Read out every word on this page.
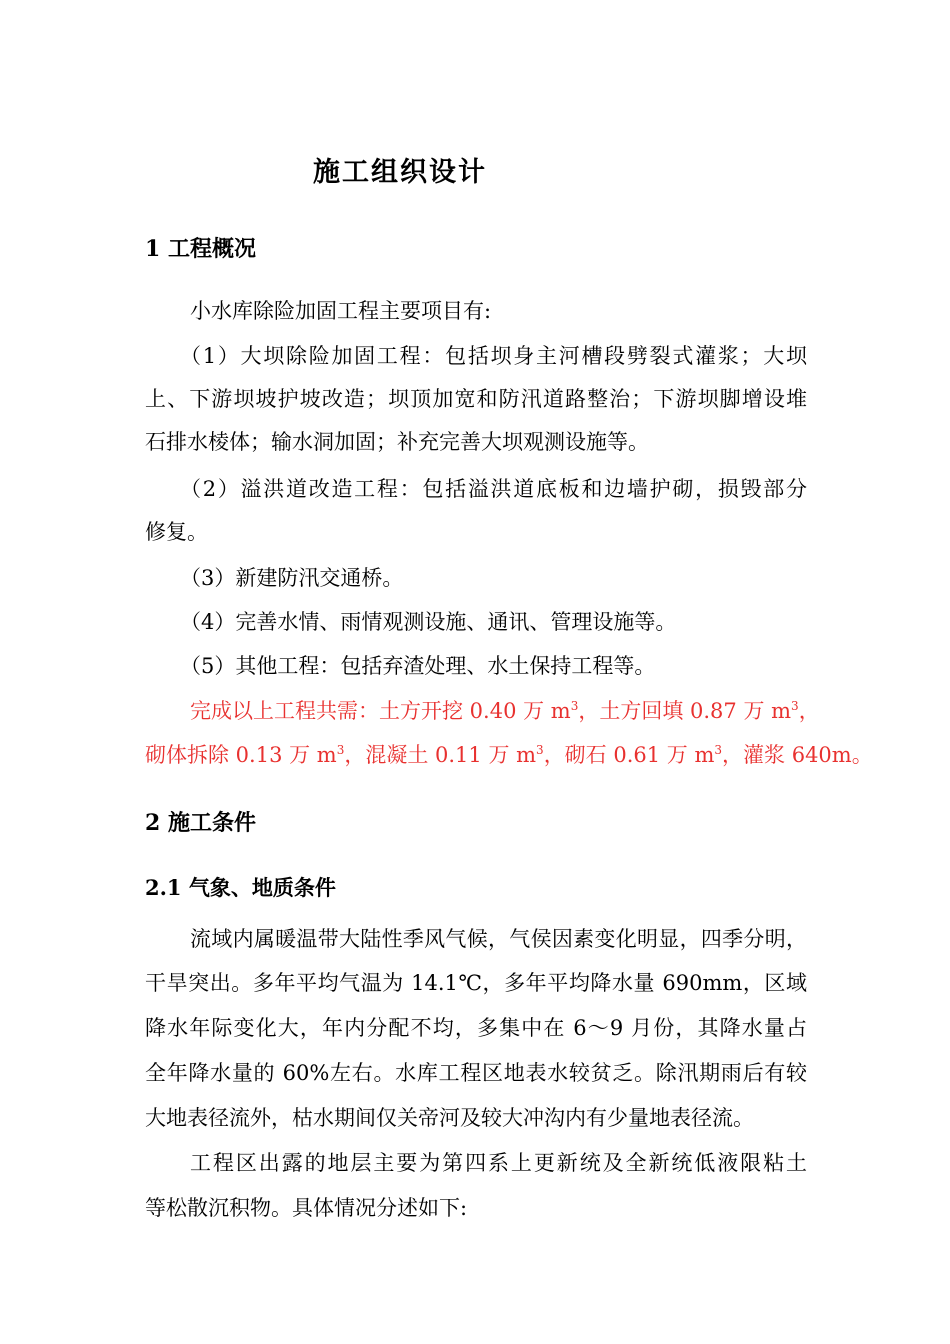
施工组织设计
1 工程概况
小水库除险加固工程主要项目有:
（1）大坝除险加固工程：包括坝身主河槽段劈裂式灌浆；大坝
上、下游坝坡护坡改造；坝顶加宽和防汛道路整治；下游坝脚增设堆
石排水棱体；输水洞加固；补充完善大坝观测设施等。
（2）溢洪道改造工程：包括溢洪道底板和边墙护砌，损毁部分
修复。
（3）新建防汛交通桥。
（4）完善水情、雨情观测设施、通讯、管理设施等。
（5）其他工程：包括弃渣处理、水土保持工程等。
完成以上工程共需：土方开挖 0.40 万 $m^3$，土方回填 0.87 万 $m^3$，
砌体拆除 0.13 万 $m^3$，混凝土 0.11 万 $m^3$，砌石 0.61 万 $m^3$，灌浆 640m。
2 施工条件
2.1 气象、地质条件
流域内属暖温带大陆性季风气候，气侯因素变化明显，四季分明，
干旱突出。多年平均气温为 14.1℃，多年平均降水量 690mm，区域
降水年际变化大，年内分配不均，多集中在 6～9 月份，其降水量占
全年降水量的 60%左右。水库工程区地表水较贫乏。除汛期雨后有较
大地表径流外，枯水期间仅关帝河及较大冲沟内有少量地表径流。
工程区出露的地层主要为第四系上更新统及全新统低液限粘土
等松散沉积物。具体情况分述如下:
